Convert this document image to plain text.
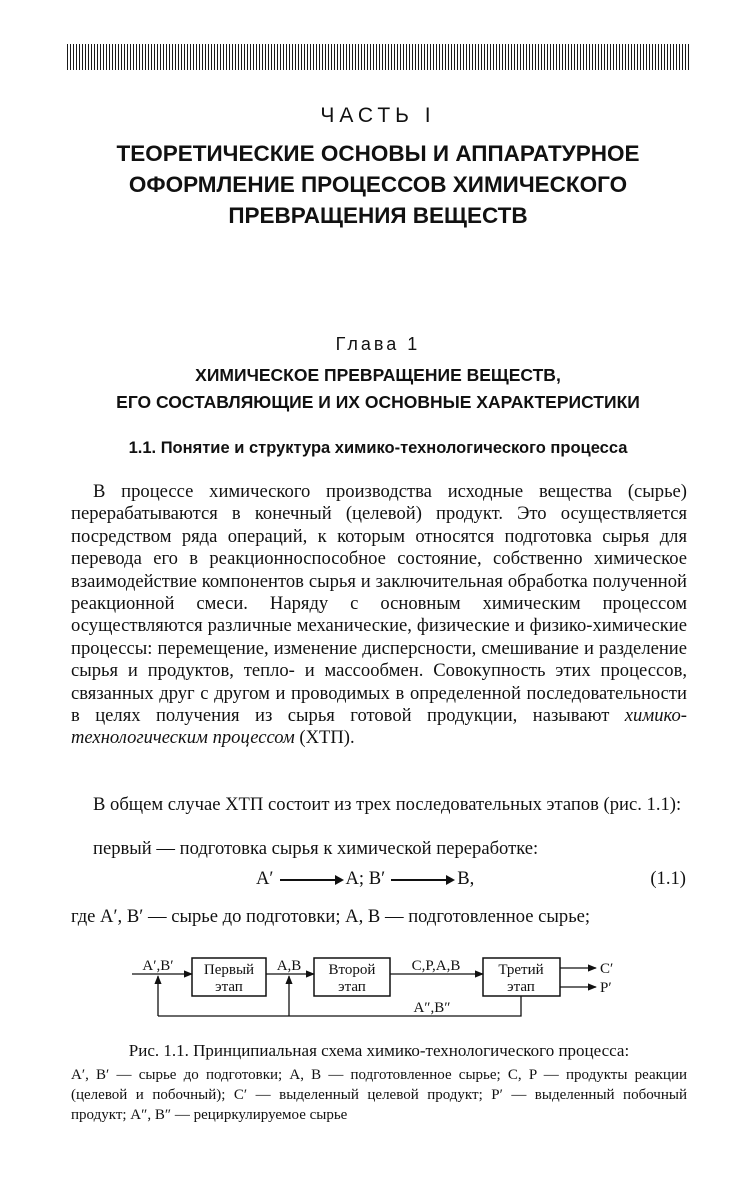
ЧАСТЬ I
ТЕОРЕТИЧЕСКИЕ ОСНОВЫ И АППАРАТУРНОЕ
ОФОРМЛЕНИЕ ПРОЦЕССОВ ХИМИЧЕСКОГО
ПРЕВРАЩЕНИЯ ВЕЩЕСТВ
Глава 1
ХИМИЧЕСКОЕ ПРЕВРАЩЕНИЕ ВЕЩЕСТВ,
ЕГО СОСТАВЛЯЮЩИЕ И ИХ ОСНОВНЫЕ ХАРАКТЕРИСТИКИ
1.1. Понятие и структура химико-технологического процесса

В процессе химического производства исходные вещества (сырье) перерабатываются в конечный (целевой) продукт. Это осуществляется посредством ряда операций, к которым относятся подготовка сырья для перевода его в реакционноспособное состояние, собственно химическое взаимодействие компонентов сырья и заключительная обработка полученной реакционной смеси. Наряду с основным химическим процессом осуществляются различные механические, физические и физико-химические процессы: перемещение, изменение дисперсности, смешивание и разделение сырья и продуктов, тепло- и массообмен. Совокупность этих процессов, связанных друг с другом и проводимых в определенной последовательности в целях получения из сырья готовой продукции, называют химико-технологическим процессом (ХТП).

В общем случае ХТП состоит из трех последовательных этапов (рис. 1.1):

первый — подготовка сырья к химической переработке:

A′	A; B′	B,	(1.1)

где A′, B′ — сырье до подготовки; A, B — подготовленное сырье;

Первый
этап
Второй
этап
Третий
этап
A′,B′	A,B	C,P,A,B	C′
P′
A″,B″

Рис. 1.1. Принципиальная схема химико-технологического процесса:

A′, B′ — сырье до подготовки; A, B — подготовленное сырье; C, P — продукты реакции (целевой и побочный); C′ — выделенный целевой продукт; P′ — выделенный побочный продукт; A″, B″ — рециркулируемое сырье
